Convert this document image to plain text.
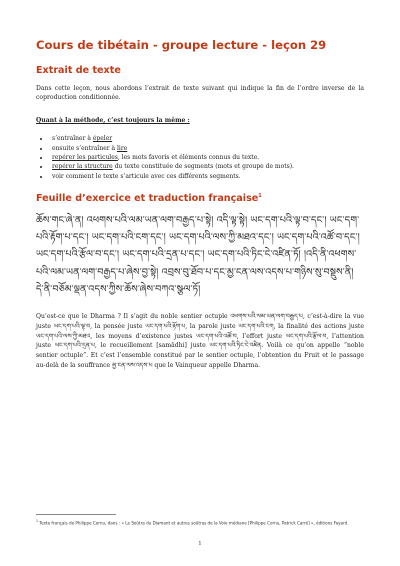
Cours de tibétain - groupe lecture - leçon 29
Extrait de texte

Dans cette leçon, nous abordons l’extrait de texte suivant qui indique la fin de l’ordre inverse de la coproduction conditionnée.

Quant à la méthode, c’est toujours la même :

• s’entraîner à épeler
• ensuite s’entraîner à lire
• repérer les particules, les mots favoris et éléments connus du texte.
• repérer la structure du texte constituée de segments (mots et groupe de mots).
• voir comment le texte s’articule avec ces différents segments.
Feuille d’exercice et traduction française$^1$

ཆོས་གང་ཞེ་ན། འཕགས་པའི་ལམ་ཡན་ལག་བརྒྱད་པ་སྟེ། འདི་ལྟ་སྟེ། ཡང་དག་པའི་ལྟ་བ་དང་། ཡང་དག་པའི་རྟོག་པ་དང་། ཡང་དག་པའི་ངག་དང་། ཡང་དག་པའི་ལས་ཀྱི་མཐའ་དང་། ཡང་དག་པའི་འཚོ་བ་དང་། ཡང་དག་པའི་རྩོལ་བ་དང་། ཡང་དག་པའི་དྲན་པ་དང་། ཡང་དག་པའི་ཏིང་ངེ་འཛིན་ཏོ། །འདི་ནི་འཕགས་པའི་ལམ་ཡན་ལག་བརྒྱད་པ་ཞེས་བྱ་སྟེ། འབྲས་བུ་ཐོབ་པ་དང་མྱ་ངན་ལས་འདས་པ་གཉིས་སུ་བསྡུས་ནི། དེ་ནི་བཅོམ་ལྡན་འདས་ཀྱིས་ཆོས་ཞེས་བཀའ་སྩལ་ཏོ།

Qu’est-ce que le Dharma ? Il s’agit du noble sentier octuple འཕགས་པའི་ལམ་ཡན་ལག་བརྒྱད་པ, c’est-à-dire la vue juste ཡང་དག་པའི་ལྟ་བ, la pensée juste ཡང་དག་པའི་རྟོག་པ, la parole juste ཡང་དག་པའི་ངག, la finalité des actions juste ཡང་དག་པའི་ལས་ཀྱི་མཐའ, les moyens d’existence justes ཡང་དག་པའི་འཚོ་བ, l’effort juste ཡང་དག་པའི་རྩོལ་བ, l’attention juste ཡང་དག་པའི་དྲན་པ, le recueillement [samādhi] juste ཡང་དག་པའི་ཏིང་ངེ་འཛིན. Voilà ce qu’on appelle “noble sentier octuple”. Et c’est l’ensemble constitué par le sentier octuple, l’obtention du Fruit et le passage au-delà de la souffrance མྱ་ངན་ལས་འདས་པ que le Vainqueur appelle Dharma.

$^1$ Texte français de Philippe Cornu, dans : « Le Soûtra du Diamant et autres soûtras de la Voie médiane [Philippe Cornu, Patrick Carré] », éditions Fayard.
1
